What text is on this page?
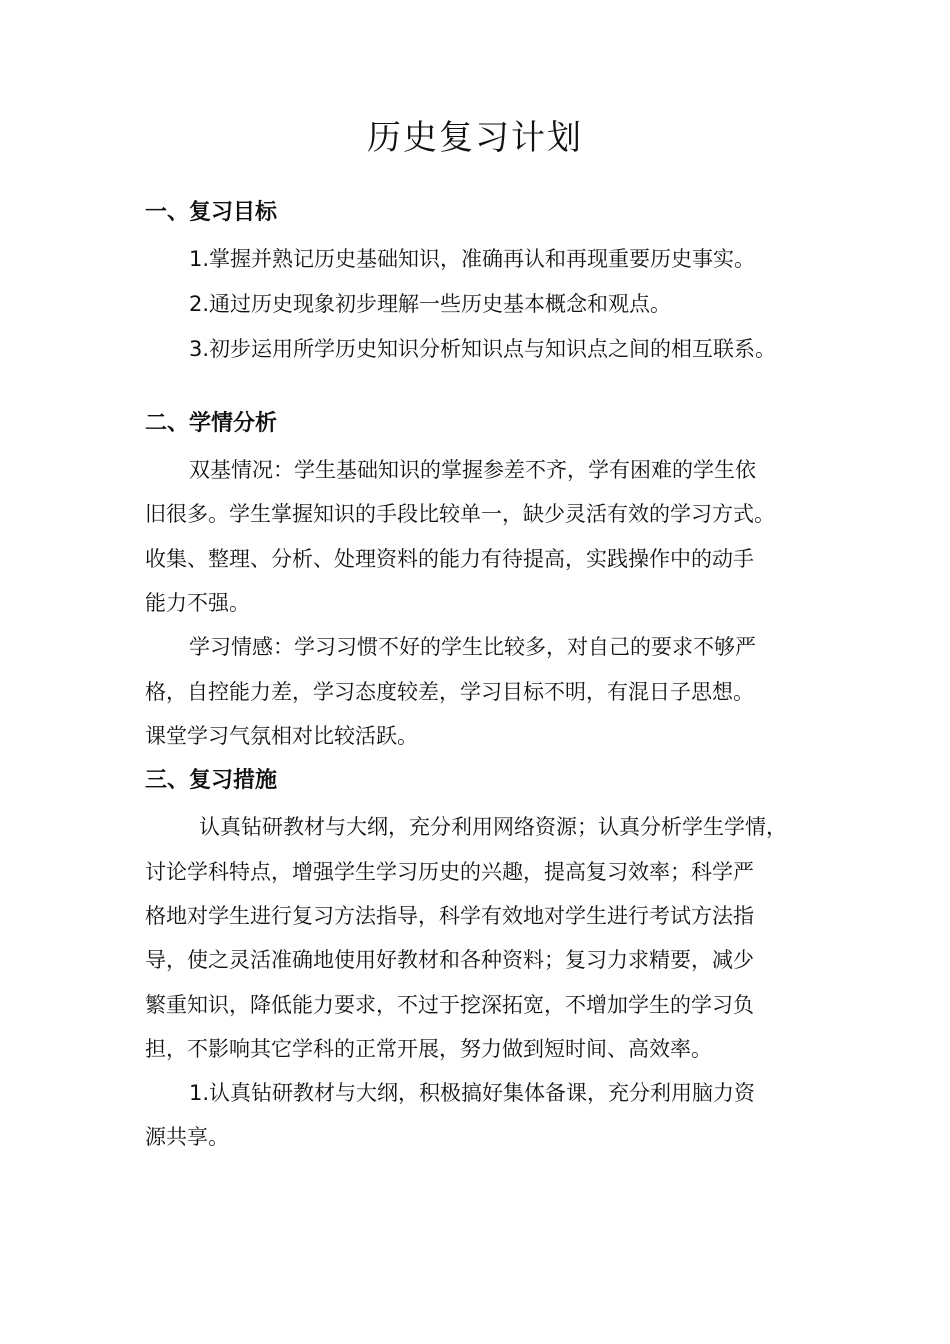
历史复习计划
一、复习目标
1.掌握并熟记历史基础知识，准确再认和再现重要历史事实。
2.通过历史现象初步理解一些历史基本概念和观点。
3.初步运用所学历史知识分析知识点与知识点之间的相互联系。
二、学情分析
双基情况：学生基础知识的掌握参差不齐，学有困难的学生依
旧很多。学生掌握知识的手段比较单一，缺少灵活有效的学习方式。
收集、整理、分析、处理资料的能力有待提高，实践操作中的动手
能力不强。
学习情感：学习习惯不好的学生比较多，对自己的要求不够严
格，自控能力差，学习态度较差，学习目标不明，有混日子思想。
课堂学习气氛相对比较活跃。
三、复习措施
认真钻研教材与大纲，充分利用网络资源；认真分析学生学情，
讨论学科特点，增强学生学习历史的兴趣，提高复习效率；科学严
格地对学生进行复习方法指导，科学有效地对学生进行考试方法指
导，使之灵活准确地使用好教材和各种资料；复习力求精要，减少
繁重知识，降低能力要求，不过于挖深拓宽，不增加学生的学习负
担，不影响其它学科的正常开展，努力做到短时间、高效率。
1.认真钻研教材与大纲，积极搞好集体备课，充分利用脑力资
源共享。
